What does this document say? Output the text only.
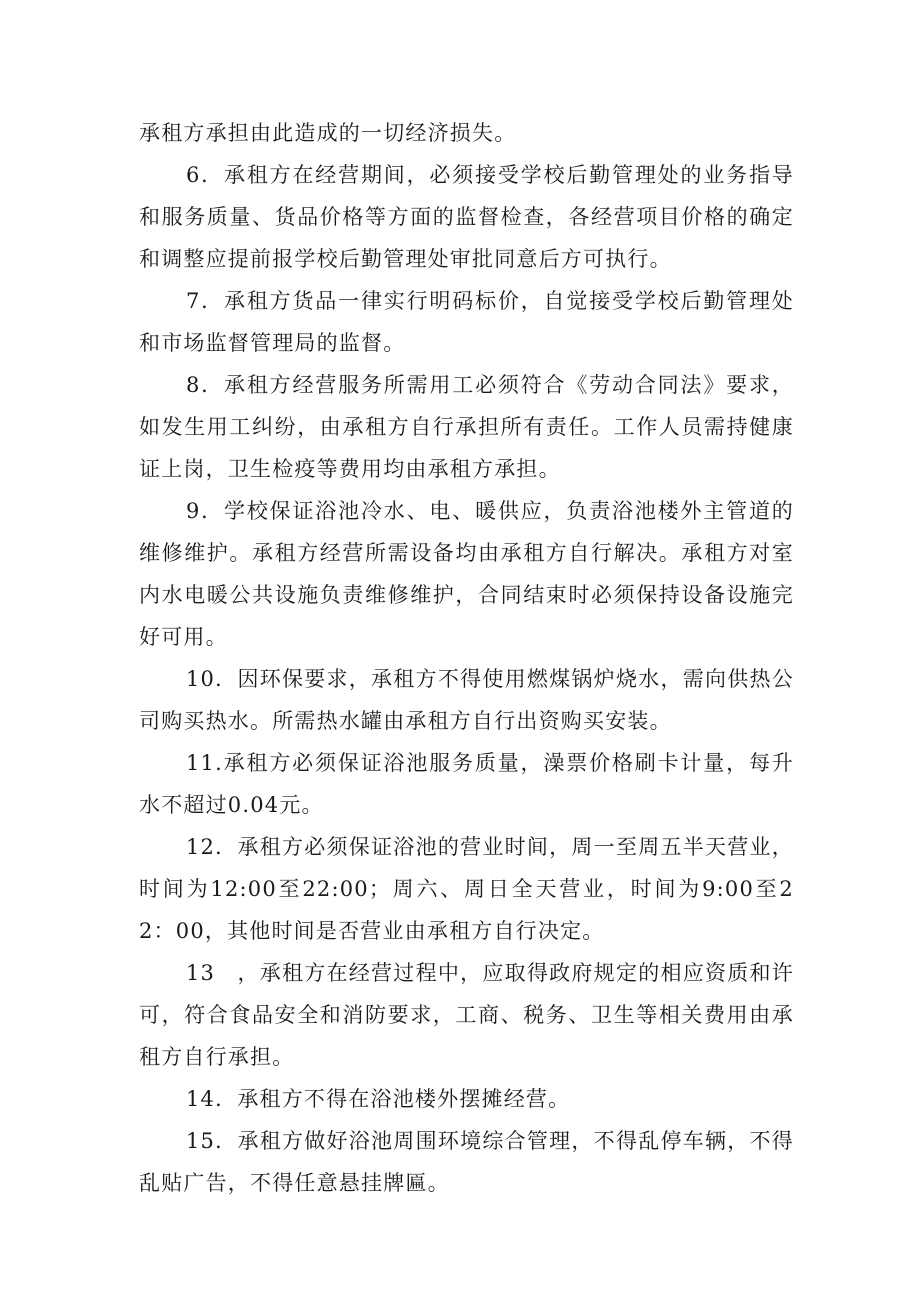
承租方承担由此造成的一切经济损失。

6．承租方在经营期间，必须接受学校后勤管理处的业务指导和服务质量、货品价格等方面的监督检查，各经营项目价格的确定和调整应提前报学校后勤管理处审批同意后方可执行。

7．承租方货品一律实行明码标价，自觉接受学校后勤管理处和市场监督管理局的监督。

8．承租方经营服务所需用工必须符合《劳动合同法》要求，如发生用工纠纷，由承租方自行承担所有责任。工作人员需持健康证上岗，卫生检疫等费用均由承租方承担。

9．学校保证浴池冷水、电、暖供应，负责浴池楼外主管道的维修维护。承租方经营所需设备均由承租方自行解决。承租方对室内水电暖公共设施负责维修维护，合同结束时必须保持设备设施完好可用。

10．因环保要求，承租方不得使用燃煤锅炉烧水，需向供热公司购买热水。所需热水罐由承租方自行出资购买安装。

11.承租方必须保证浴池服务质量，澡票价格刷卡计量，每升水不超过0.04元。

12．承租方必须保证浴池的营业时间，周一至周五半天营业，时间为12:00至22:00；周六、周日全天营业，时间为9:00至22：00，其他时间是否营业由承租方自行决定。

13　，承租方在经营过程中，应取得政府规定的相应资质和许可，符合食品安全和消防要求，工商、税务、卫生等相关费用由承租方自行承担。

14．承租方不得在浴池楼外摆摊经营。

15．承租方做好浴池周围环境综合管理，不得乱停车辆，不得乱贴广告，不得任意悬挂牌匾。
